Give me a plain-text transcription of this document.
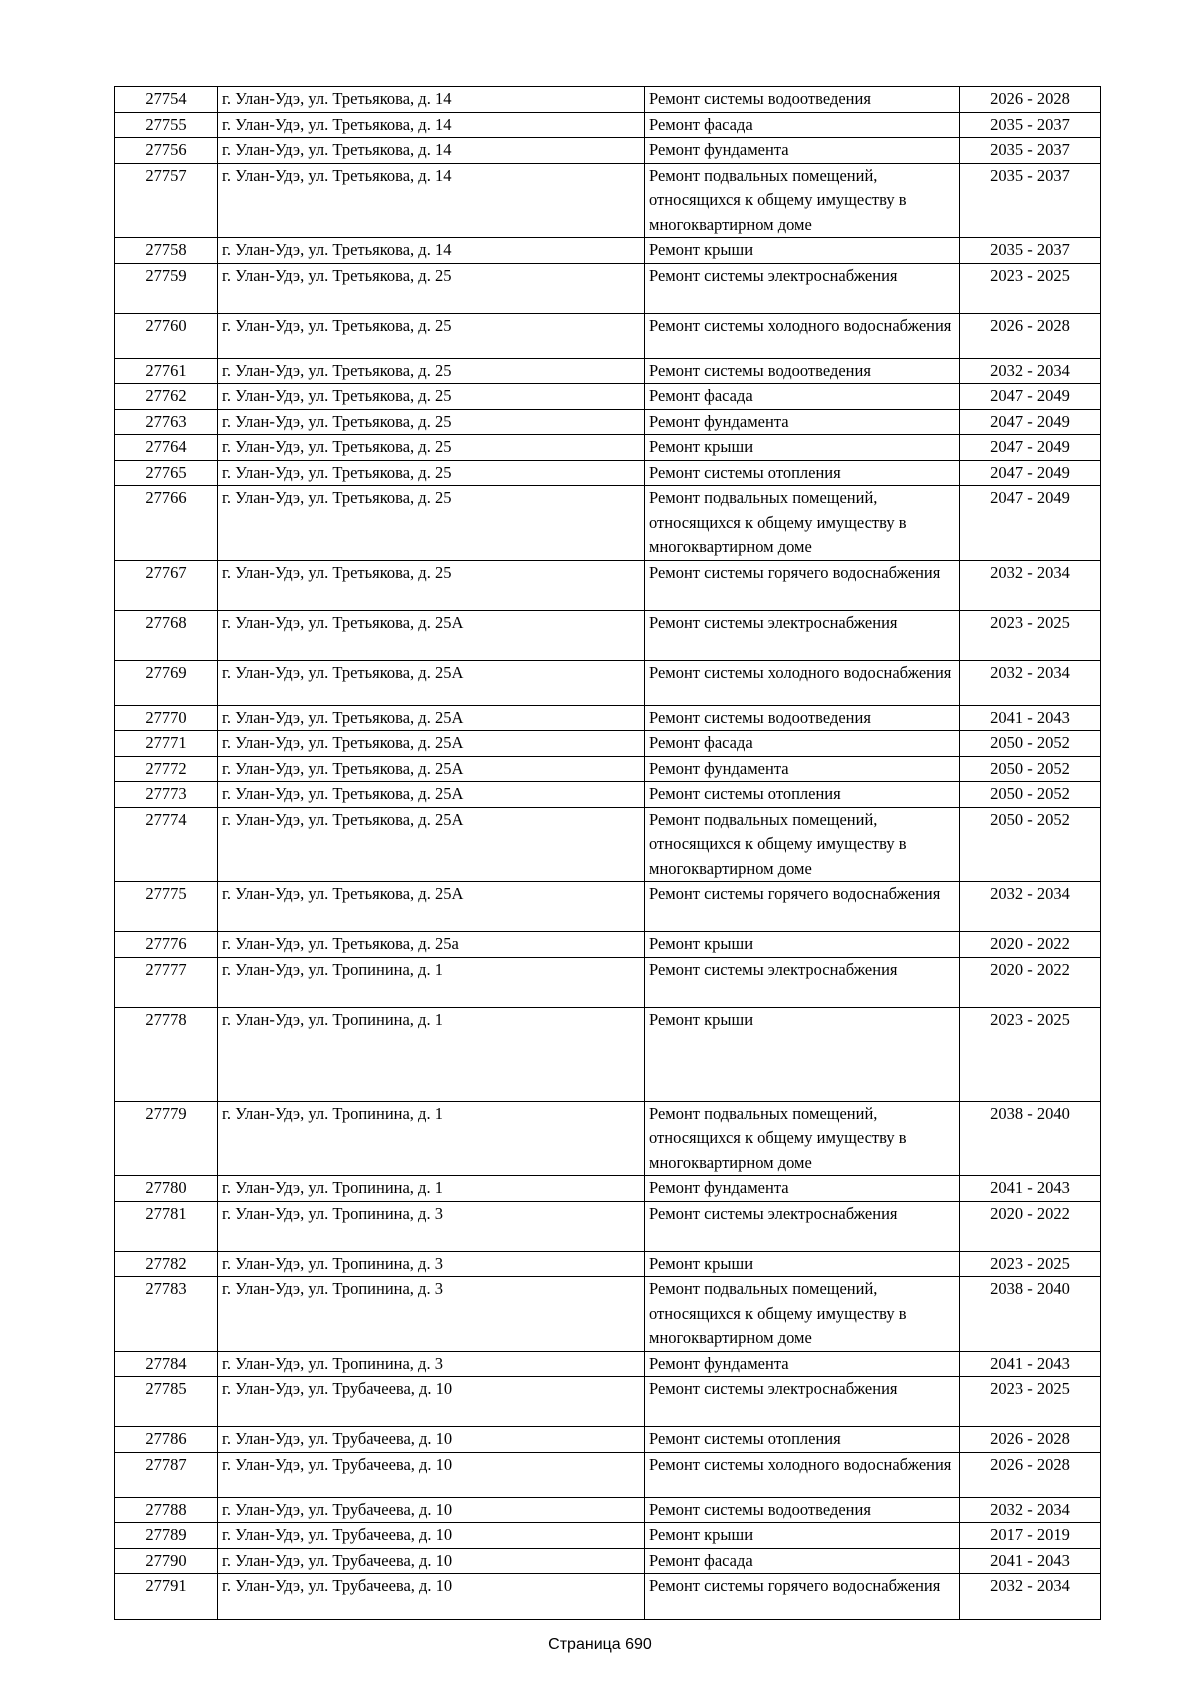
27754	г. Улан-Удэ, ул. Третьякова, д. 14	Ремонт системы водоотведения	2026 - 2028
27755	г. Улан-Удэ, ул. Третьякова, д. 14	Ремонт фасада	2035 - 2037
27756	г. Улан-Удэ, ул. Третьякова, д. 14	Ремонт фундамента	2035 - 2037
27757	г. Улан-Удэ, ул. Третьякова, д. 14	Ремонт подвальных помещений, относящихся к общему имуществу в многоквартирном доме	2035 - 2037
27758	г. Улан-Удэ, ул. Третьякова, д. 14	Ремонт крыши	2035 - 2037
27759	г. Улан-Удэ, ул. Третьякова, д. 25	Ремонт системы электроснабжения	2023 - 2025
27760	г. Улан-Удэ, ул. Третьякова, д. 25	Ремонт системы холодного водоснабжения	2026 - 2028
27761	г. Улан-Удэ, ул. Третьякова, д. 25	Ремонт системы водоотведения	2032 - 2034
27762	г. Улан-Удэ, ул. Третьякова, д. 25	Ремонт фасада	2047 - 2049
27763	г. Улан-Удэ, ул. Третьякова, д. 25	Ремонт фундамента	2047 - 2049
27764	г. Улан-Удэ, ул. Третьякова, д. 25	Ремонт крыши	2047 - 2049
27765	г. Улан-Удэ, ул. Третьякова, д. 25	Ремонт системы отопления	2047 - 2049
27766	г. Улан-Удэ, ул. Третьякова, д. 25	Ремонт подвальных помещений, относящихся к общему имуществу в многоквартирном доме	2047 - 2049
27767	г. Улан-Удэ, ул. Третьякова, д. 25	Ремонт системы горячего водоснабжения	2032 - 2034
27768	г. Улан-Удэ, ул. Третьякова, д. 25А	Ремонт системы электроснабжения	2023 - 2025
27769	г. Улан-Удэ, ул. Третьякова, д. 25А	Ремонт системы холодного водоснабжения	2032 - 2034
27770	г. Улан-Удэ, ул. Третьякова, д. 25А	Ремонт системы водоотведения	2041 - 2043
27771	г. Улан-Удэ, ул. Третьякова, д. 25А	Ремонт фасада	2050 - 2052
27772	г. Улан-Удэ, ул. Третьякова, д. 25А	Ремонт фундамента	2050 - 2052
27773	г. Улан-Удэ, ул. Третьякова, д. 25А	Ремонт системы отопления	2050 - 2052
27774	г. Улан-Удэ, ул. Третьякова, д. 25А	Ремонт подвальных помещений, относящихся к общему имуществу в многоквартирном доме	2050 - 2052
27775	г. Улан-Удэ, ул. Третьякова, д. 25А	Ремонт системы горячего водоснабжения	2032 - 2034
27776	г. Улан-Удэ, ул. Третьякова, д. 25а	Ремонт крыши	2020 - 2022
27777	г. Улан-Удэ, ул. Тропинина, д. 1	Ремонт системы электроснабжения	2020 - 2022
27778	г. Улан-Удэ, ул. Тропинина, д. 1	Ремонт крыши	2023 - 2025
27779	г. Улан-Удэ, ул. Тропинина, д. 1	Ремонт подвальных помещений, относящихся к общему имуществу в многоквартирном доме	2038 - 2040
27780	г. Улан-Удэ, ул. Тропинина, д. 1	Ремонт фундамента	2041 - 2043
27781	г. Улан-Удэ, ул. Тропинина, д. 3	Ремонт системы электроснабжения	2020 - 2022
27782	г. Улан-Удэ, ул. Тропинина, д. 3	Ремонт крыши	2023 - 2025
27783	г. Улан-Удэ, ул. Тропинина, д. 3	Ремонт подвальных помещений, относящихся к общему имуществу в многоквартирном доме	2038 - 2040
27784	г. Улан-Удэ, ул. Тропинина, д. 3	Ремонт фундамента	2041 - 2043
27785	г. Улан-Удэ, ул. Трубачеева, д. 10	Ремонт системы электроснабжения	2023 - 2025
27786	г. Улан-Удэ, ул. Трубачеева, д. 10	Ремонт системы отопления	2026 - 2028
27787	г. Улан-Удэ, ул. Трубачеева, д. 10	Ремонт системы холодного водоснабжения	2026 - 2028
27788	г. Улан-Удэ, ул. Трубачеева, д. 10	Ремонт системы водоотведения	2032 - 2034
27789	г. Улан-Удэ, ул. Трубачеева, д. 10	Ремонт крыши	2017 - 2019
27790	г. Улан-Удэ, ул. Трубачеева, д. 10	Ремонт фасада	2041 - 2043
27791	г. Улан-Удэ, ул. Трубачеева, д. 10	Ремонт системы горячего водоснабжения	2032 - 2034
Страница 690
